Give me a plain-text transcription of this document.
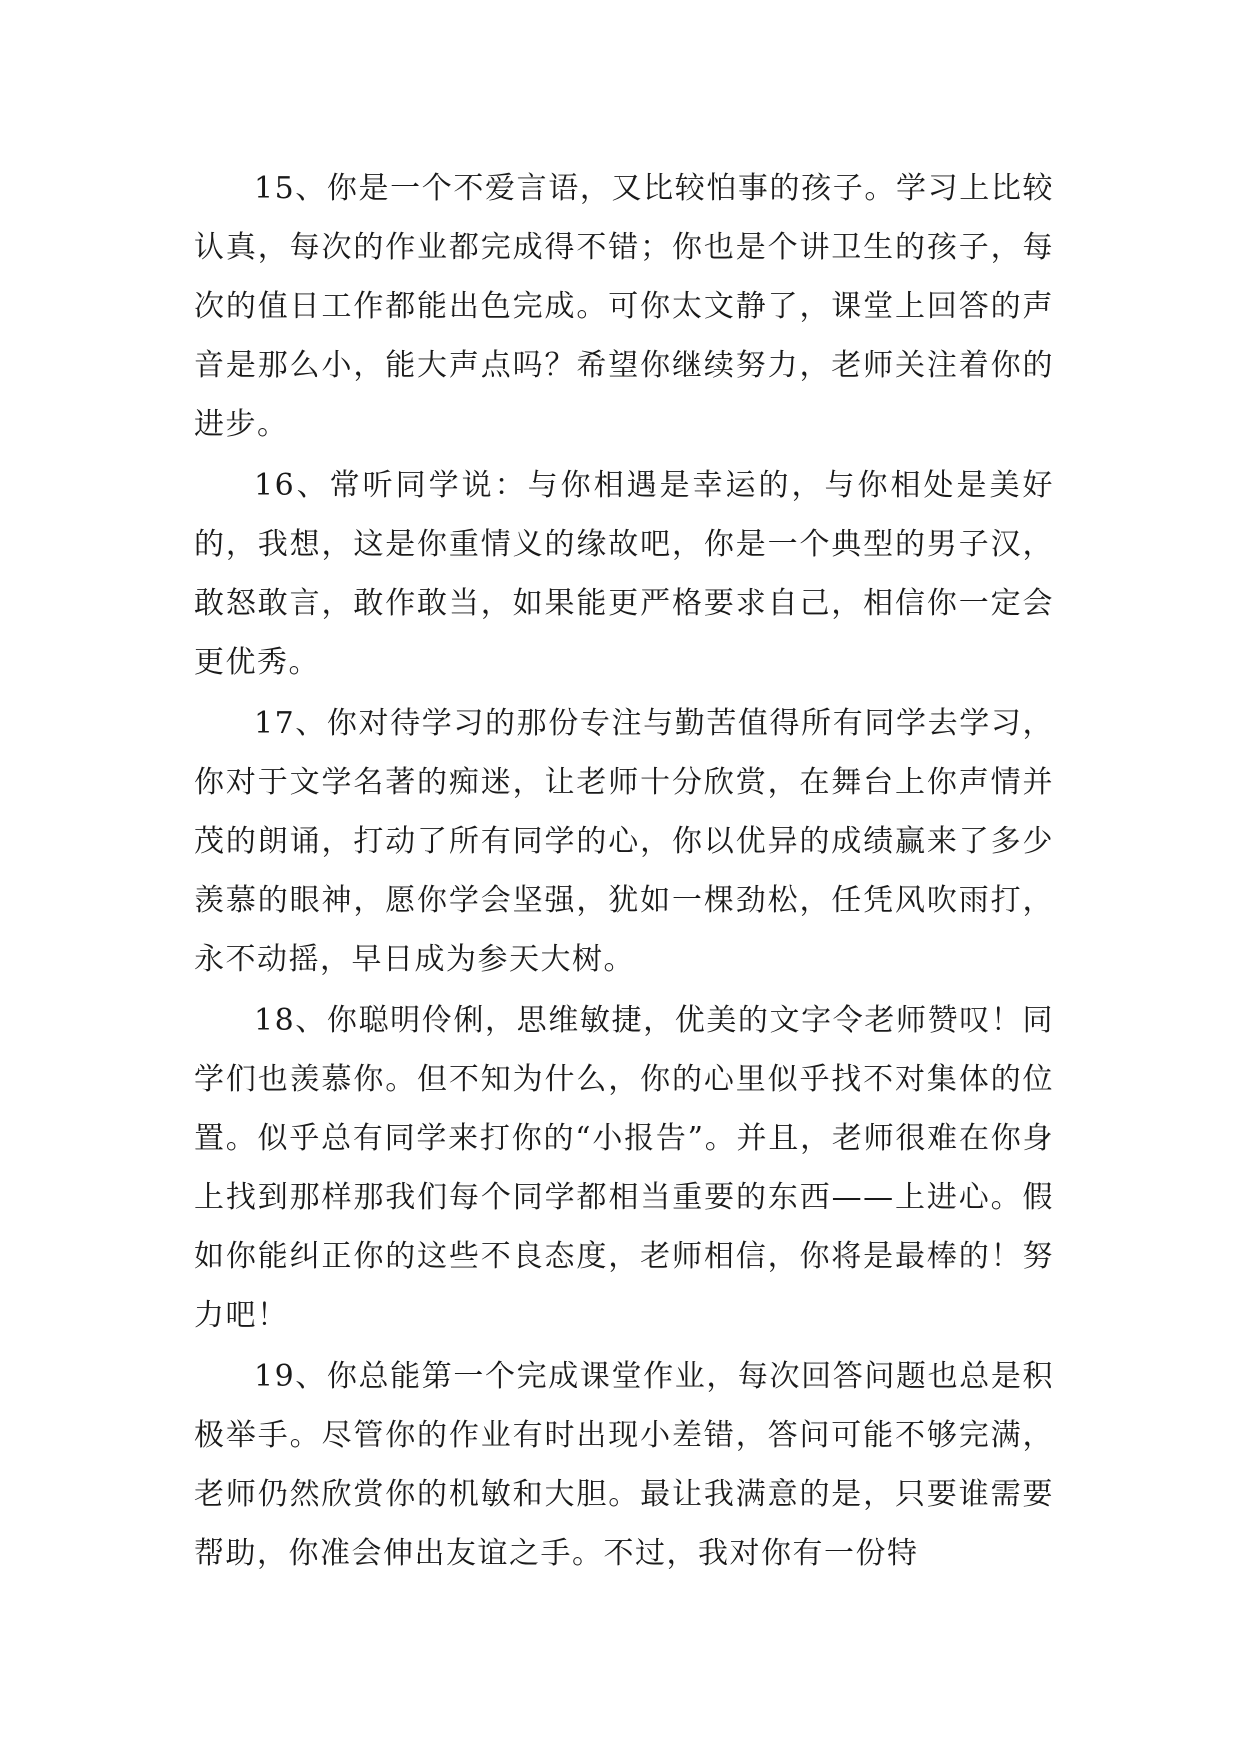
15、你是一个不爱言语，又比较怕事的孩子。学习上比较认真，每次的作业都完成得不错；你也是个讲卫生的孩子，每次的值日工作都能出色完成。可你太文静了，课堂上回答的声音是那么小，能大声点吗？希望你继续努力，老师关注着你的进步。

16、常听同学说：与你相遇是幸运的，与你相处是美好的，我想，这是你重情义的缘故吧，你是一个典型的男子汉，敢怒敢言，敢作敢当，如果能更严格要求自己，相信你一定会更优秀。

17、你对待学习的那份专注与勤苦值得所有同学去学习，你对于文学名著的痴迷，让老师十分欣赏，在舞台上你声情并茂的朗诵，打动了所有同学的心，你以优异的成绩赢来了多少羡慕的眼神，愿你学会坚强，犹如一棵劲松，任凭风吹雨打，永不动摇，早日成为参天大树。

18、你聪明伶俐，思维敏捷，优美的文字令老师赞叹！同学们也羡慕你。但不知为什么，你的心里似乎找不对集体的位置。似乎总有同学来打你的“小报告”。并且，老师很难在你身上找到那样那我们每个同学都相当重要的东西——上进心。假如你能纠正你的这些不良态度，老师相信，你将是最棒的！努力吧！

19、你总能第一个完成课堂作业，每次回答问题也总是积极举手。尽管你的作业有时出现小差错，答问可能不够完满，老师仍然欣赏你的机敏和大胆。最让我满意的是，只要谁需要帮助，你准会伸出友谊之手。不过，我对你有一份特
